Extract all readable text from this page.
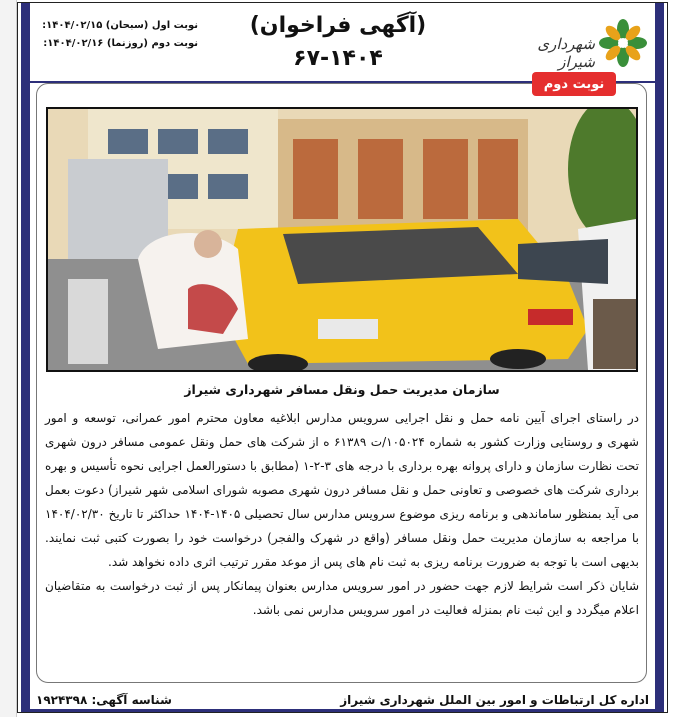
نوبت اول (سبحان) ۱۴۰۴/۰۲/۱۵:
نوبت دوم (روزنما) ۱۴۰۴/۰۲/۱۶:
(آگهی فراخوان)
۶۷-۱۴۰۴
شهرداری شیراز
نوبت دوم
سازمان مدیریت حمل ونقل مسافر شهرداری شیراز

در راستای اجرای آیین نامه حمل و نقل اجرایی سرویس مدارس ابلاغیه معاون محترم امور عمرانی، توسعه و امور شهری و روستایی وزارت کشور به شماره ۱۰۵۰۲۴/ت ۶۱۳۸۹ ه از شرکت های حمل ونقل عمومی مسافر درون شهری تحت نظارت سازمان و دارای پروانه بهره برداری با درجه های ۳-۲-۱ (مطابق با دستورالعمل اجرایی نحوه تأسیس و بهره برداری شرکت های خصوصی و تعاونی حمل و نقل مسافر درون شهری مصوبه شورای اسلامی شهر شیراز) دعوت بعمل می آید بمنظور ساماندهی و برنامه ریزی موضوع سرویس مدارس سال تحصیلی ۱۴۰۵-۱۴۰۴ حداکثر تا تاریخ ۱۴۰۴/۰۲/۳۰ با مراجعه به سازمان مدیریت حمل ونقل مسافر (واقع در شهرک والفجر) درخواست خود را بصورت کتبی ثبت نمایند. بدیهی است با توجه به ضرورت برنامه ریزی به ثبت نام های پس از موعد مقرر ترتیب اثری داده نخواهد شد.

شایان ذکر است شرایط لازم جهت حضور در امور سرویس مدارس بعنوان پیمانکار پس از ثبت درخواست به متقاضیان اعلام میگردد و این ثبت نام بمنزله فعالیت در امور سرویس مدارس نمی باشد.

اداره کل ارتباطات و امور بین الملل شهرداری شیراز
شناسه آگهی: ۱۹۲۴۳۹۸
